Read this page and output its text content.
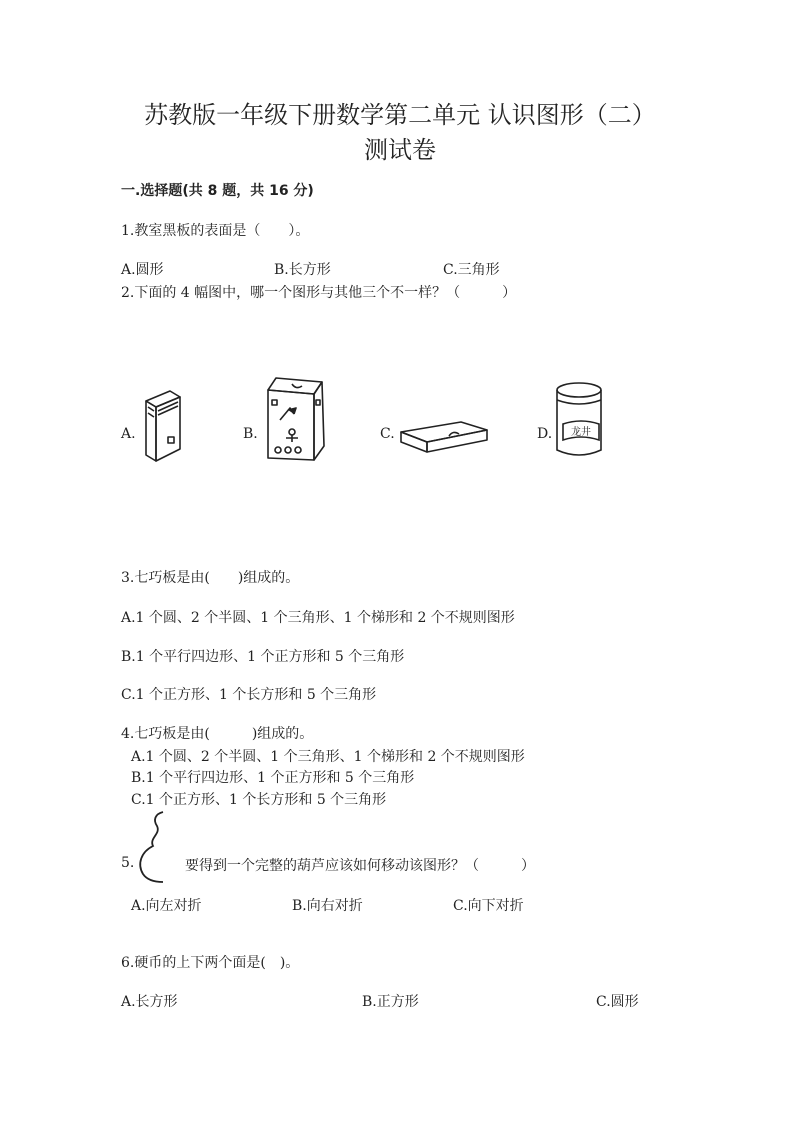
苏教版一年级下册数学第二单元 认识图形（二）
测试卷
一.选择题(共 8 题，共 16 分)
1.教室黑板的表面是（　　）。
A.圆形	B.长方形	C.三角形
2.下面的 4 幅图中，哪一个图形与其他三个不一样？（　　　）
A.	B.	C.	D. 龙井
3.七巧板是由(　　)组成的。
A.1 个圆、2 个半圆、1 个三角形、1 个梯形和 2 个不规则图形
B.1 个平行四边形、1 个正方形和 5 个三角形
C.1 个正方形、1 个长方形和 5 个三角形
4.七巧板是由(　　　)组成的。
A.1 个圆、2 个半圆、1 个三角形、1 个梯形和 2 个不规则图形
B.1 个平行四边形、1 个正方形和 5 个三角形
C.1 个正方形、1 个长方形和 5 个三角形
5.	要得到一个完整的葫芦应该如何移动该图形？（　　　）
A.向左对折	B.向右对折	C.向下对折
6.硬币的上下两个面是(　)。
A.长方形	B.正方形	C.圆形
